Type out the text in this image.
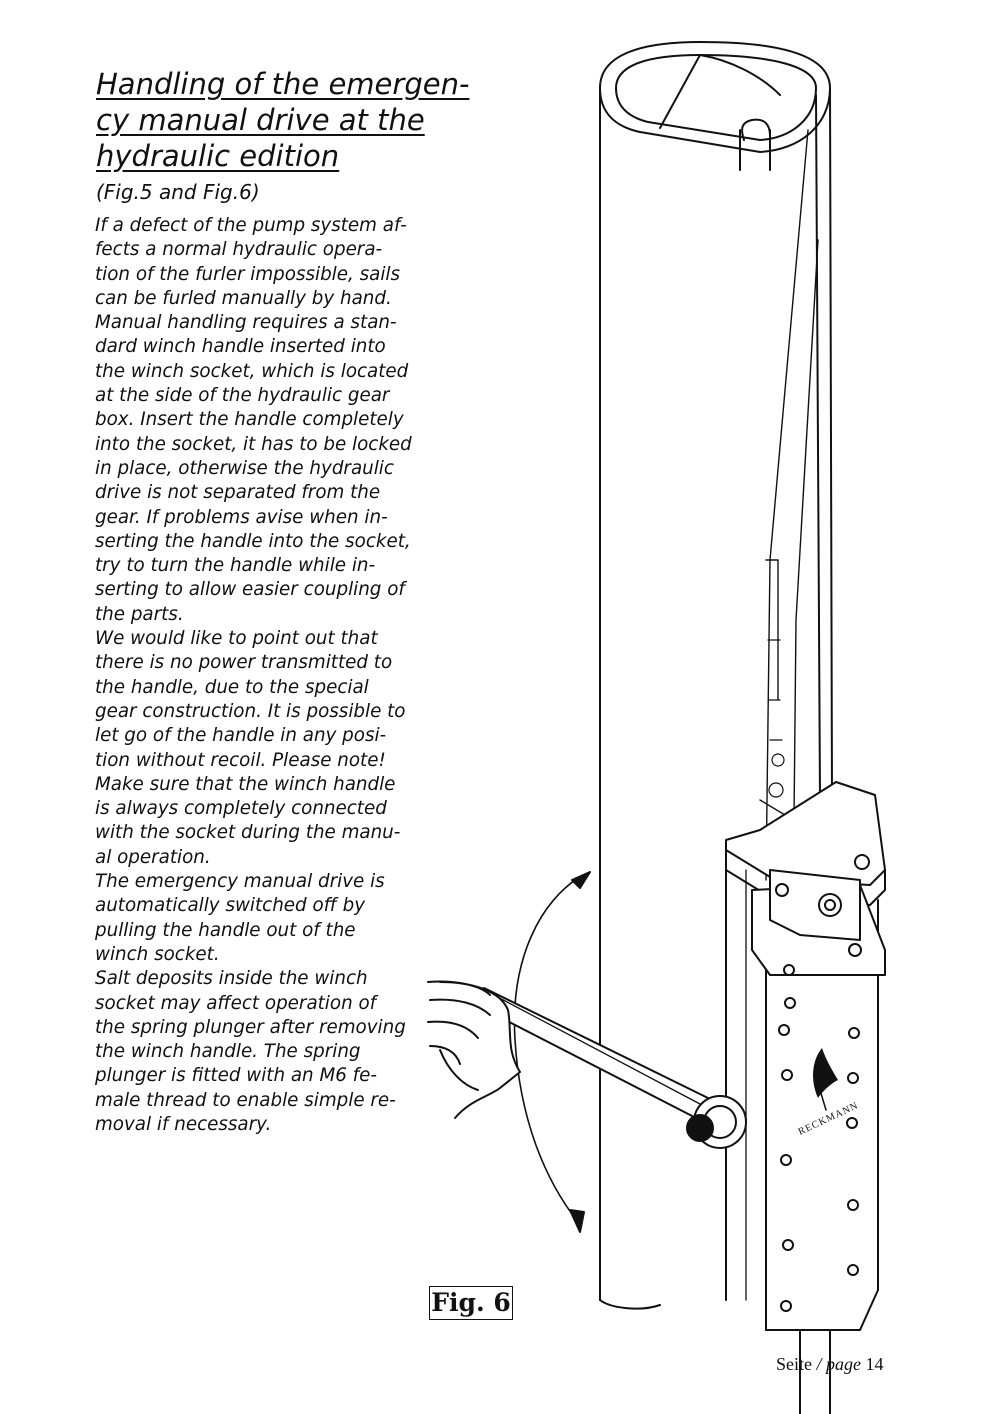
Handling of the emergen-
cy manual drive at the
hydraulic edition

(Fig.5 and Fig.6)

If a defect of the pump system af-
fects a normal hydraulic opera-
tion of the furler impossible, sails
can be furled manually by hand.
Manual handling requires a stan-
dard winch handle inserted into
the winch socket, which is located
at the side of the hydraulic gear
box. Insert the handle completely
into the socket, it has to be locked
in place, otherwise the hydraulic
drive is not separated from the
gear. If problems avise when in-
serting the handle into the socket,
try to turn the handle while in-
serting to allow easier coupling of
the parts.
We would like to point out that
there is no power transmitted to
the handle, due to the special
gear construction. It is possible to
let go of the handle in any posi-
tion without recoil. Please note!
Make sure that the winch handle
is always completely connected
with the socket during the manu-
al operation.
The emergency manual drive is
automatically switched off by
pulling the handle out of the
winch socket.
Salt deposits inside the winch
socket may affect operation of
the spring plunger after removing
the winch handle. The spring
plunger is fitted with an M6 fe-
male thread to enable simple re-
moval if necessary.	RECKMANN
Fig. 6
Seite / page 14
